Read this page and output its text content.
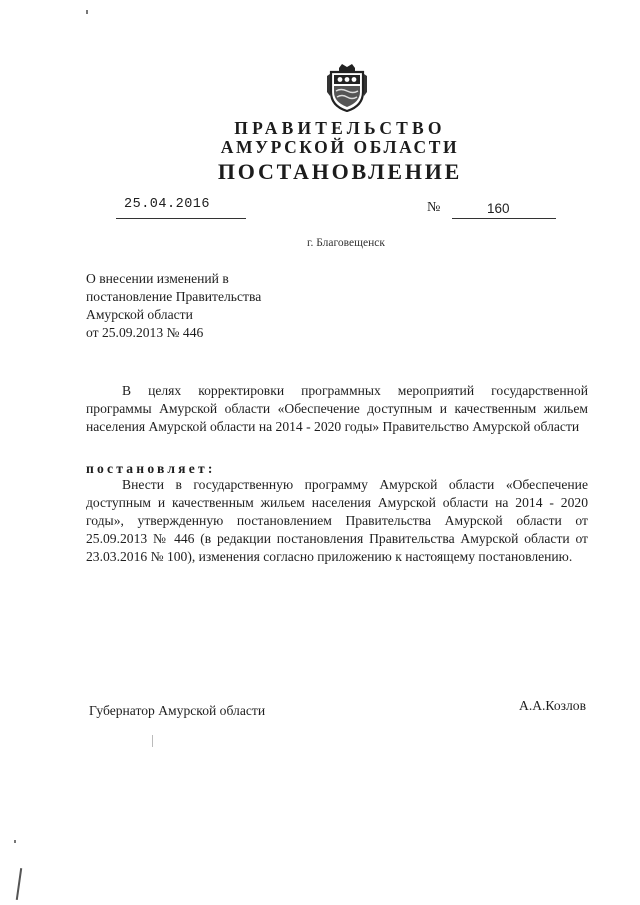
ПРАВИТЕЛЬСТВО
АМУРСКОЙ ОБЛАСТИ
ПОСТАНОВЛЕНИЕ
25.04.2016	№	160
г. Благовещенск
О внесении изменений в
постановление Правительства
Амурской области
от 25.09.2013 № 446
В целях корректировки программных мероприятий государственной программы Амурской области «Обеспечение доступным и качественным жильем населения Амурской области на 2014 - 2020 годы» Правительство Амурской области
постановляет:
Внести в государственную программу Амурской области «Обеспечение доступным и качественным жильем населения Амурской области на 2014 - 2020 годы», утвержденную постановлением Правительства Амурской области от 25.09.2013 № 446 (в редакции постановления Правительства Амурской области от 23.03.2016 № 100), изменения согласно приложению к настоящему постановлению.
Губернатор Амурской области	А.А.Козлов
